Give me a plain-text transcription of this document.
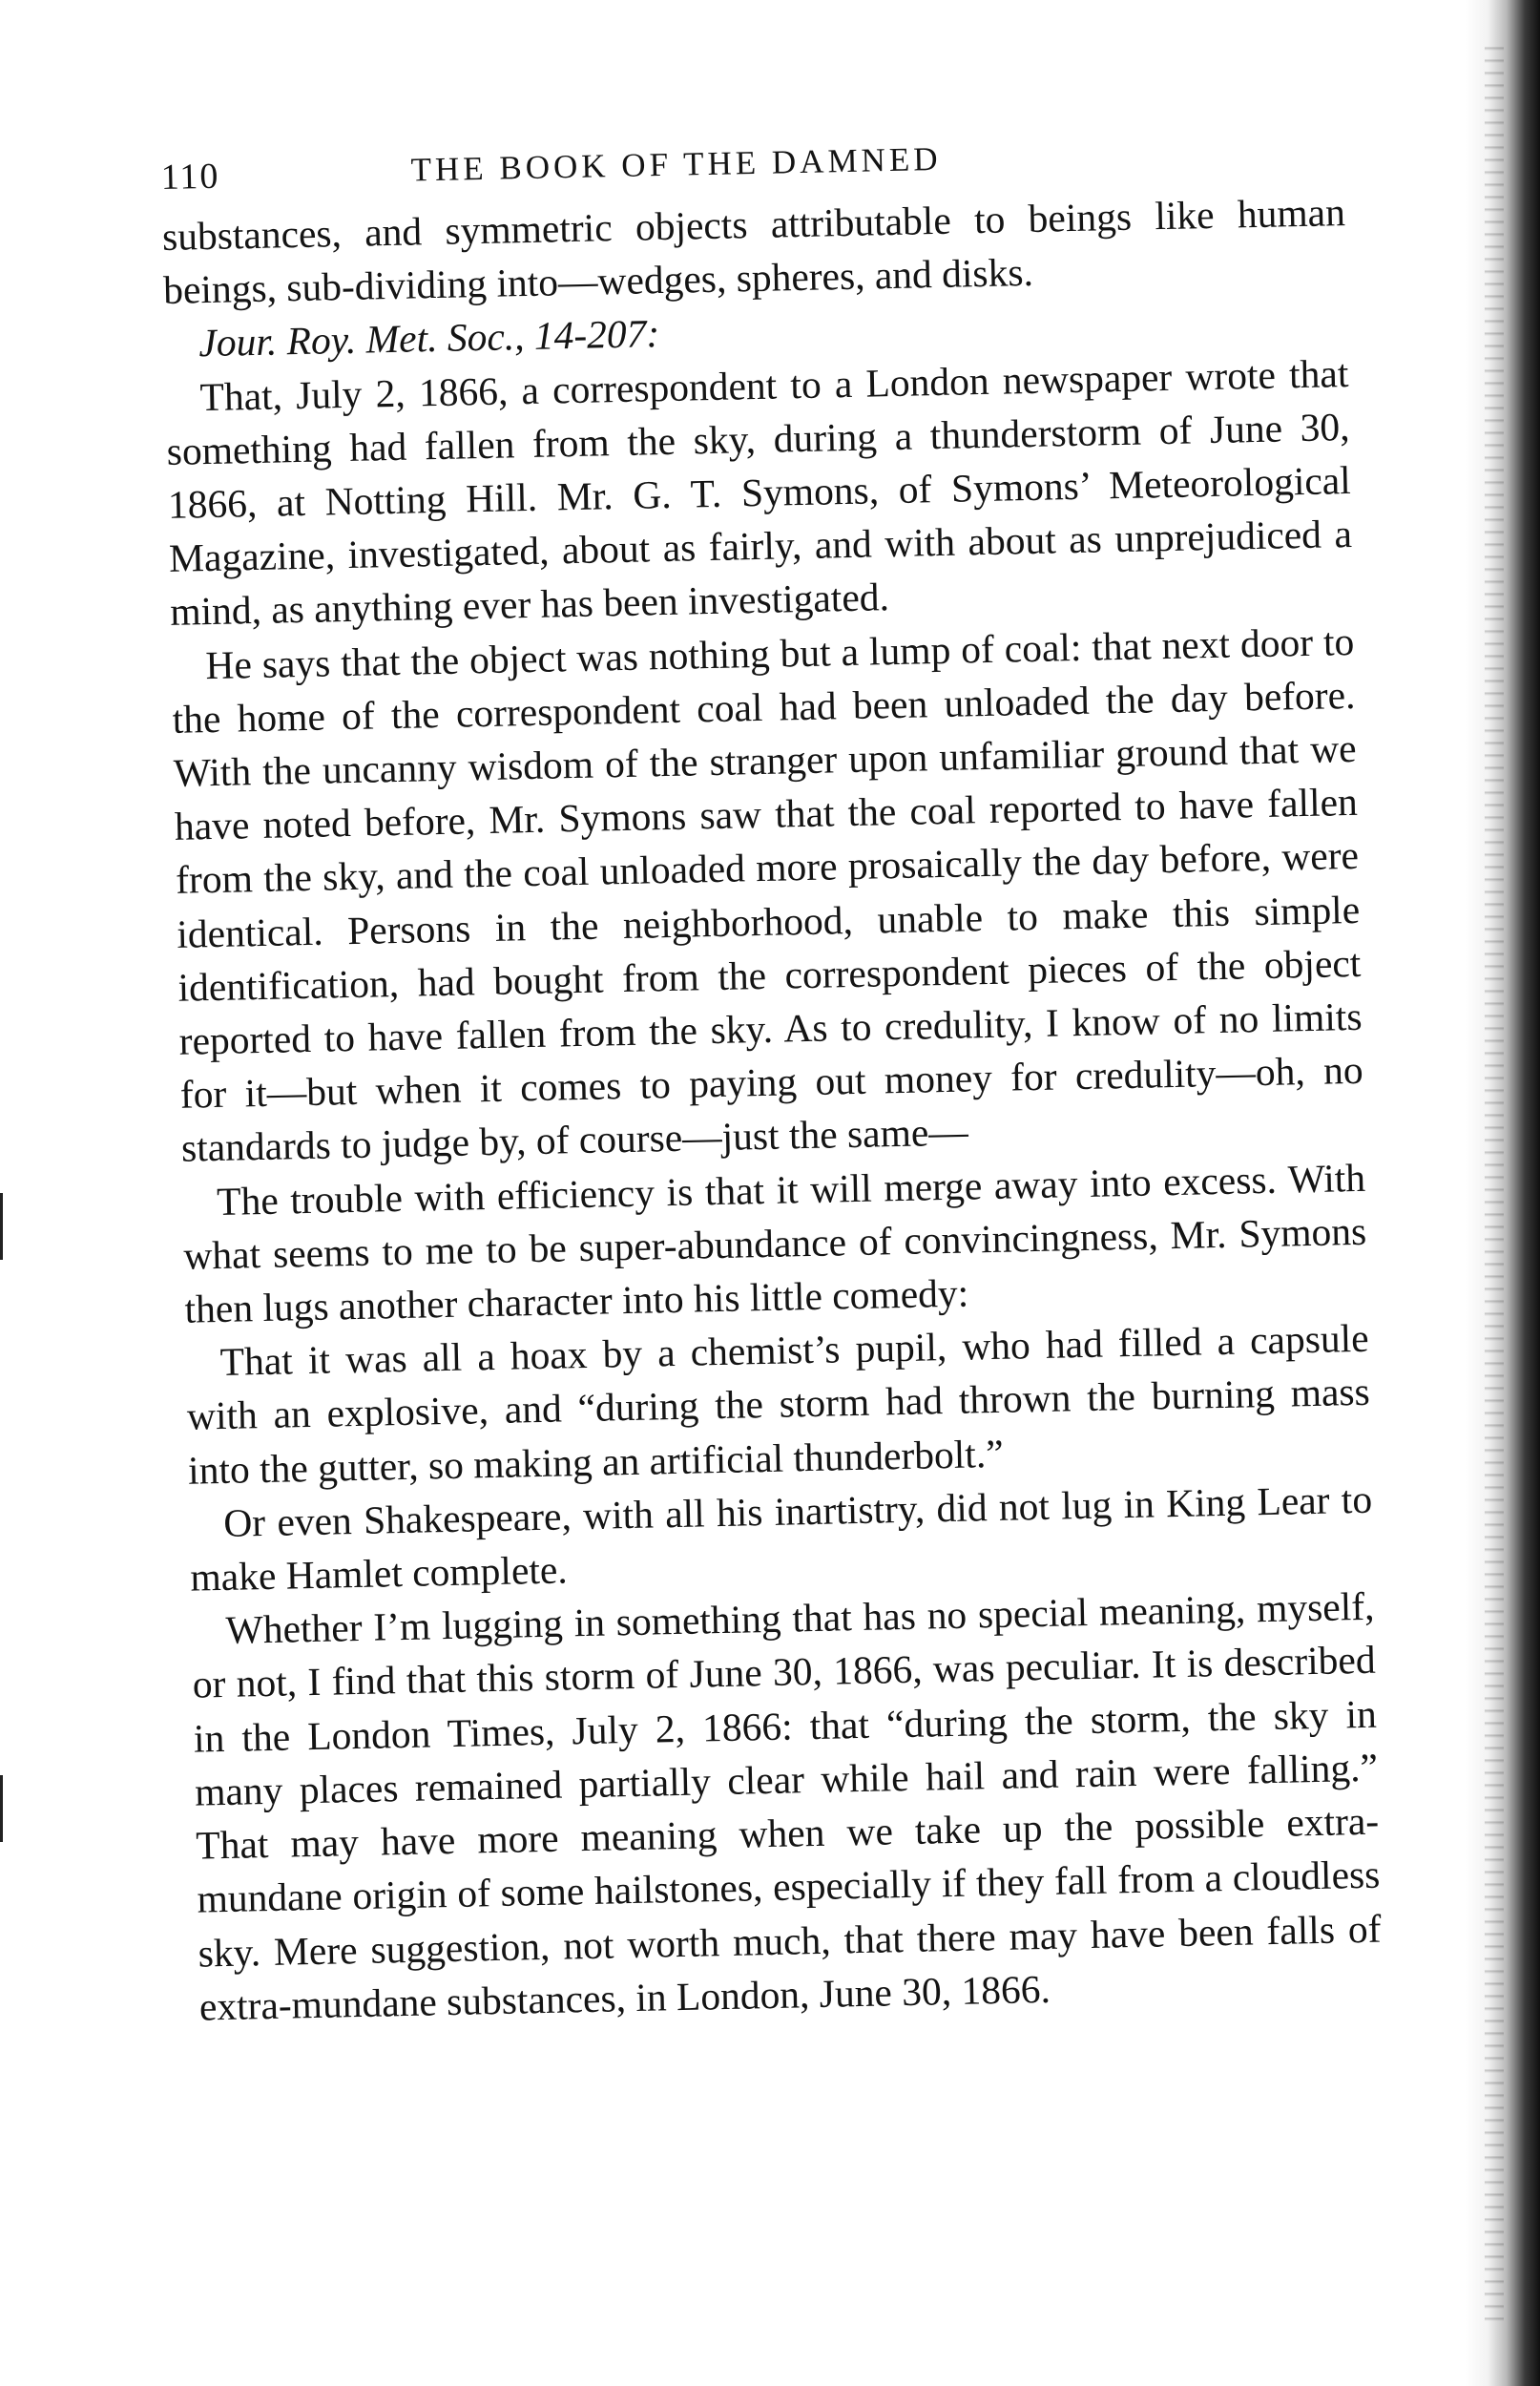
110	THE BOOK OF THE DAMNED

substances, and symmetric objects attributable to beings like human beings, sub-dividing into—wedges, spheres, and disks.

Jour. Roy. Met. Soc., 14-207:

That, July 2, 1866, a correspondent to a London newspaper wrote that something had fallen from the sky, during a thunderstorm of June 30, 1866, at Notting Hill. Mr. G. T. Symons, of Symons’ Meteorological Magazine, investigated, about as fairly, and with about as unprejudiced a mind, as anything ever has been investigated.

He says that the object was nothing but a lump of coal: that next door to the home of the correspondent coal had been unloaded the day before. With the uncanny wisdom of the stranger upon unfamiliar ground that we have noted before, Mr. Symons saw that the coal reported to have fallen from the sky, and the coal unloaded more prosaically the day before, were identical. Persons in the neighborhood, unable to make this simple identification, had bought from the correspondent pieces of the object reported to have fallen from the sky. As to credulity, I know of no limits for it—but when it comes to paying out money for credulity—oh, no standards to judge by, of course—just the same—

The trouble with efficiency is that it will merge away into excess. With what seems to me to be super-abundance of convincingness, Mr. Symons then lugs another character into his little comedy:

That it was all a hoax by a chemist’s pupil, who had filled a capsule with an explosive, and “during the storm had thrown the burning mass into the gutter, so making an artificial thunderbolt.”

Or even Shakespeare, with all his inartistry, did not lug in King Lear to make Hamlet complete.

Whether I’m lugging in something that has no special meaning, myself, or not, I find that this storm of June 30, 1866, was peculiar. It is described in the London Times, July 2, 1866: that “during the storm, the sky in many places remained partially clear while hail and rain were falling.” That may have more meaning when we take up the possible extra-mundane origin of some hailstones, especially if they fall from a cloudless sky. Mere suggestion, not worth much, that there may have been falls of extra-mundane substances, in London, June 30, 1866.
